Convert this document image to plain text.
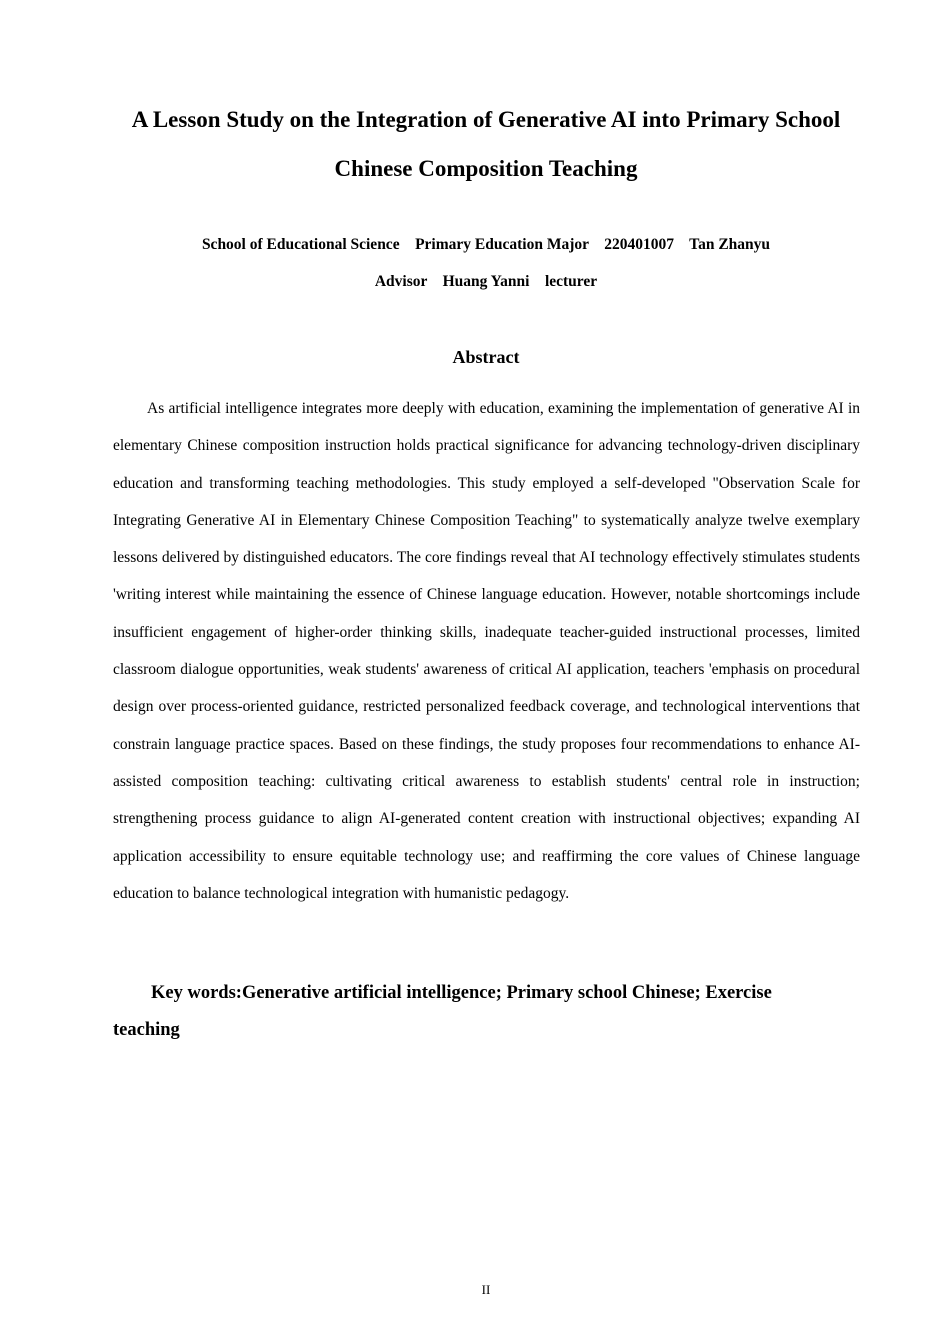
A Lesson Study on the Integration of Generative AI into Primary School
Chinese Composition Teaching
School of Educational Science    Primary Education Major    220401007    Tan Zhanyu
Advisor    Huang Yanni    lecturer
Abstract

As artificial intelligence integrates more deeply with education, examining the implementation of generative AI in elementary Chinese composition instruction holds practical significance for advancing technology-driven disciplinary education and transforming teaching methodologies. This study employed a self-developed "Observation Scale for Integrating Generative AI in Elementary Chinese Composition Teaching" to systematically analyze twelve exemplary lessons delivered by distinguished educators. The core findings reveal that AI technology effectively stimulates students 'writing interest while maintaining the essence of Chinese language education. However, notable shortcomings include insufficient engagement of higher-order thinking skills, inadequate teacher-guided instructional processes, limited classroom dialogue opportunities, weak students' awareness of critical AI application, teachers 'emphasis on procedural design over process-oriented guidance, restricted personalized feedback coverage, and technological interventions that constrain language practice spaces. Based on these findings, the study proposes four recommendations to enhance AI-assisted composition teaching: cultivating critical awareness to establish students' central role in instruction; strengthening process guidance to align AI-generated content creation with instructional objectives; expanding AI application accessibility to ensure equitable technology use; and reaffirming the core values of Chinese language education to balance technological integration with humanistic pedagogy.

Key words:Generative artificial intelligence; Primary school Chinese; Exercise teaching

II
